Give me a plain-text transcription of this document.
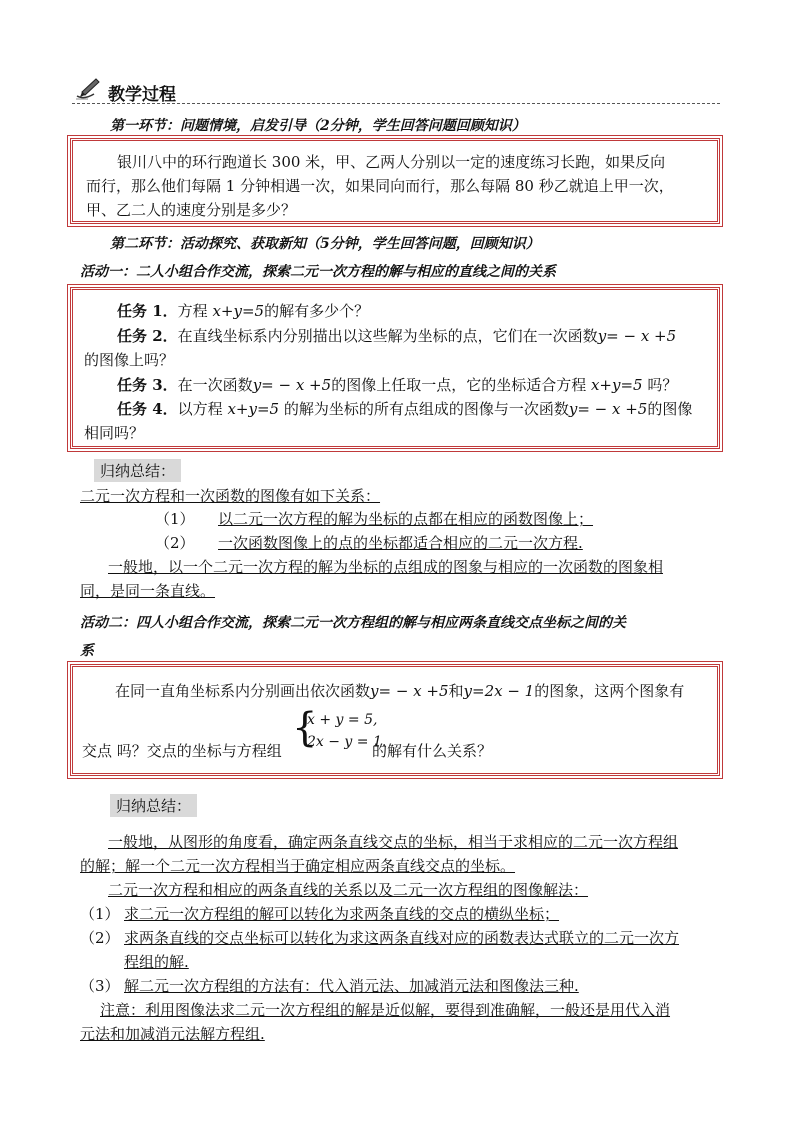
教学过程
第一环节：问题情境，启发引导（2分钟，学生回答问题回顾知识）
银川八中的环行跑道长 300 米，甲、乙两人分别以一定的速度练习长跑，如果反向
而行，那么他们每隔 1 分钟相遇一次，如果同向而行，那么每隔 80 秒乙就追上甲一次，
甲、乙二人的速度分别是多少？
第二环节：活动探究、获取新知（5分钟，学生回答问题，回顾知识）
活动一：二人小组合作交流，探索二元一次方程的解与相应的直线之间的关系
任务 1．方程 x+y=5的解有多少个？
任务 2．在直线坐标系内分别描出以这些解为坐标的点，它们在一次函数y= − x +5
的图像上吗？
任务 3．在一次函数y= − x +5的图像上任取一点，它的坐标适合方程 x+y=5 吗？
任务 4．以方程 x+y=5 的解为坐标的所有点组成的图像与一次函数y= − x +5的图像
相同吗？
归纳总结：
二元一次方程和一次函数的图像有如下关系：
（1） 以二元一次方程的解为坐标的点都在相应的函数图像上；
（2） 一次函数图像上的点的坐标都适合相应的二元一次方程.
一般地，以一个二元一次方程的解为坐标的点组成的图象与相应的一次函数的图象相
同，是同一条直线。
活动二：四人小组合作交流，探索二元一次方程组的解与相应两条直线交点坐标之间的关
系
在同一直角坐标系内分别画出依次函数y= − x +5和y=2x − 1的图象，这两个图象有
交点 吗？交点的坐标与方程组 {
x + y = 5,
2x − y = 1.
的解有什么关系？
归纳总结：
一般地，从图形的角度看，确定两条直线交点的坐标，相当于求相应的二元一次方程组
的解；解一个二元一次方程相当于确定相应两条直线交点的坐标。
二元一次方程和相应的两条直线的关系以及二元一次方程组的图像解法：
（1） 求二元一次方程组的解可以转化为求两条直线的交点的横纵坐标；
（2） 求两条直线的交点坐标可以转化为求这两条直线对应的函数表达式联立的二元一次方
程组的解.
（3） 解二元一次方程组的方法有：代入消元法、加减消元法和图像法三种.
注意：利用图像法求二元一次方程组的解是近似解，要得到准确解，一般还是用代入消
元法和加减消元法解方程组.
